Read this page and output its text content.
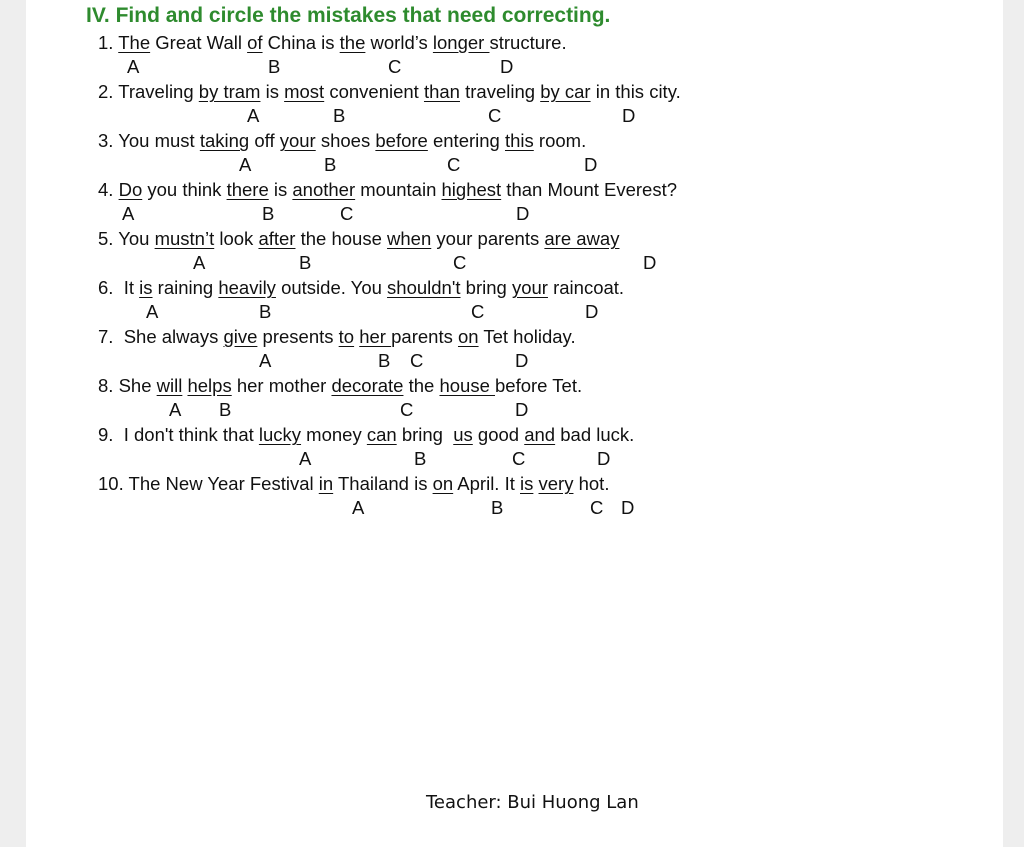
IV. Find and circle the mistakes that need correcting.
1. The Great Wall of China is the world’s longer structure.
A	B	C	D
2. Traveling by tram is most convenient than traveling by car in this city.
A	B	C	D
3. You must taking off your shoes before entering this room.
A	B	C	D
4. Do you think there is another mountain highest than Mount Everest?
A	B	C	D
5. You mustn’t look after the house when your parents are away
A	B	C	D
6.  It is raining heavily outside. You shouldn't bring your raincoat.
A	B	C	D
7.  She always give presents to her parents on Tet holiday.
A	B C	D
8. She will helps her mother decorate the house before Tet.
A B	C	D
9.  I don't think that lucky money can bring  us good and bad luck.
A	B	C	D
10. The New Year Festival in Thailand is on April. It is very hot.
A	B	C D
Teacher: Bui Huong Lan
